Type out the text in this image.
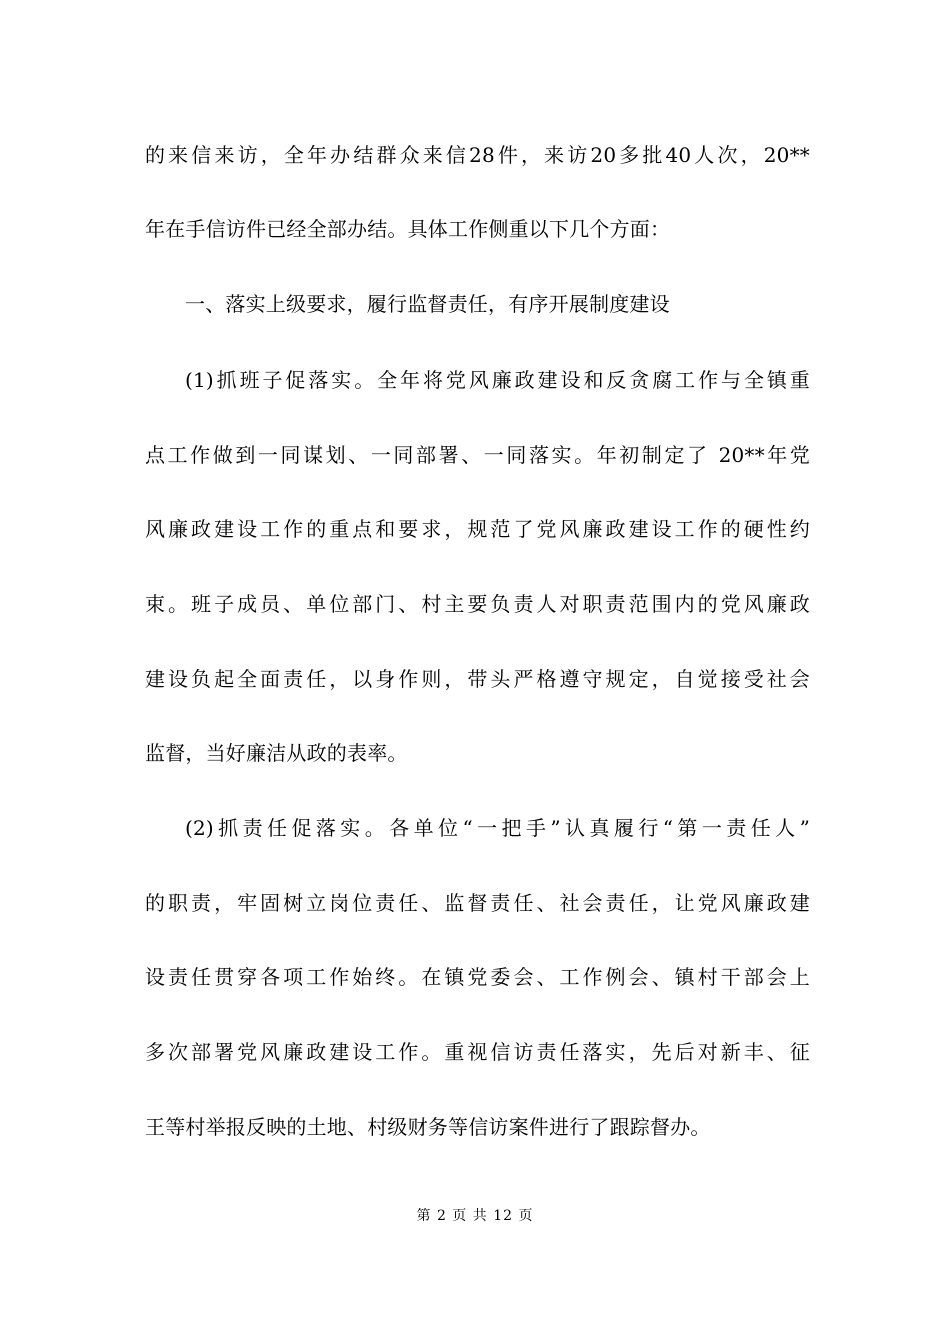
的来信来访，全年办结群众来信28件，来访20多批40人次，20**
年在手信访件已经全部办结。具体工作侧重以下几个方面：
一、落实上级要求，履行监督责任，有序开展制度建设
(1)抓班子促落实。全年将党风廉政建设和反贪腐工作与全镇重
点工作做到一同谋划、一同部署、一同落实。年初制定了 20**年党
风廉政建设工作的重点和要求，规范了党风廉政建设工作的硬性约
束。班子成员、单位部门、村主要负责人对职责范围内的党风廉政
建设负起全面责任，以身作则，带头严格遵守规定，自觉接受社会
监督，当好廉洁从政的表率。
(2)抓责任促落实。各单位“一把手”认真履行“第一责任人”
的职责，牢固树立岗位责任、监督责任、社会责任，让党风廉政建
设责任贯穿各项工作始终。在镇党委会、工作例会、镇村干部会上
多次部署党风廉政建设工作。重视信访责任落实，先后对新丰、征
王等村举报反映的土地、村级财务等信访案件进行了跟踪督办。
第 2 页 共 12 页
